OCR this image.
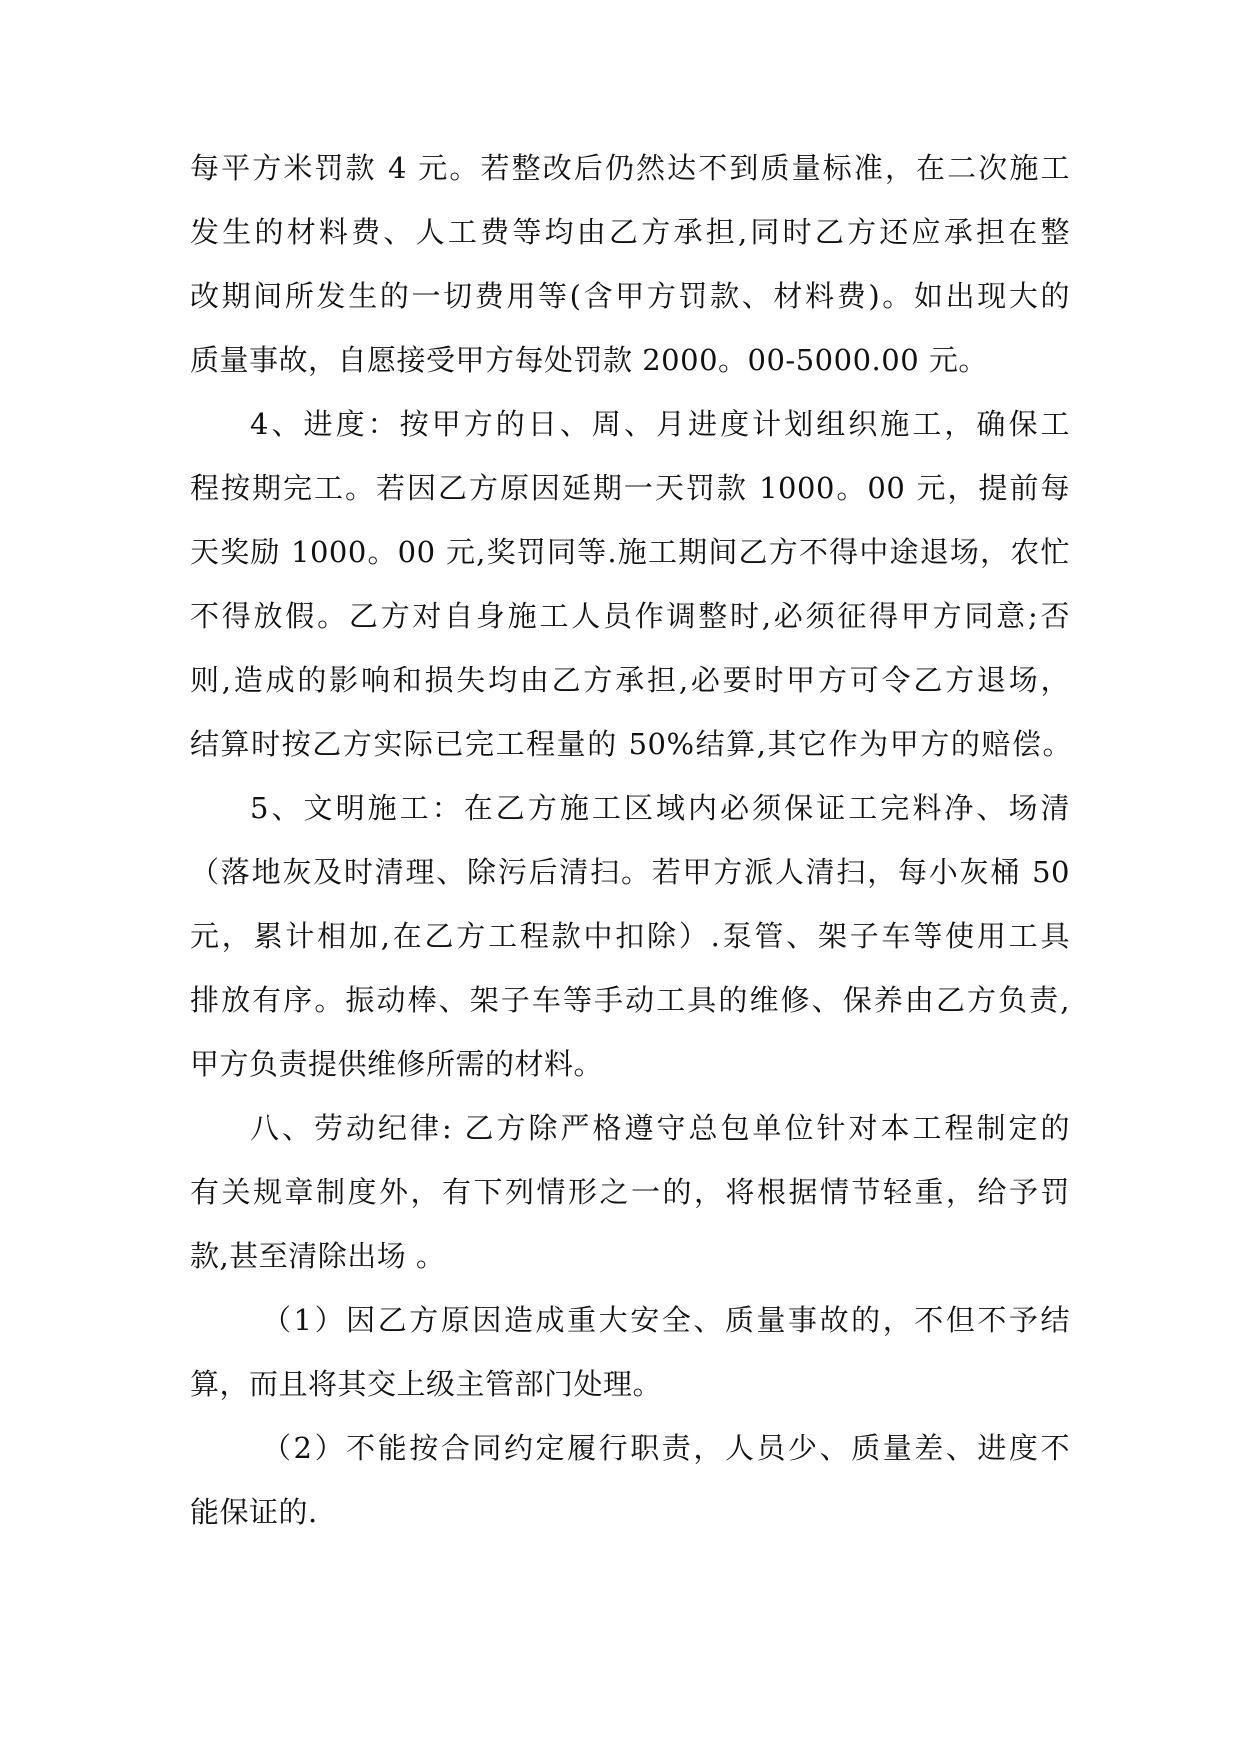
每平方米罚款 4 元。若整改后仍然达不到质量标准，在二次施工

发生的材料费、人工费等均由乙方承担,同时乙方还应承担在整

改期间所发生的一切费用等(含甲方罚款、材料费)。如出现大的

质量事故，自愿接受甲方每处罚款 2000。00-5000.00 元。

4、进度：按甲方的日、周、月进度计划组织施工，确保工

程按期完工。若因乙方原因延期一天罚款 1000。00 元，提前每

天奖励 1000。00 元,奖罚同等.施工期间乙方不得中途退场，农忙

不得放假。乙方对自身施工人员作调整时,必须征得甲方同意;否

则,造成的影响和损失均由乙方承担,必要时甲方可令乙方退场，

结算时按乙方实际已完工程量的 50%结算,其它作为甲方的赔偿。

5、文明施工：在乙方施工区域内必须保证工完料净、场清

（落地灰及时清理、除污后清扫。若甲方派人清扫，每小灰桶 50

元，累计相加,在乙方工程款中扣除）.泵管、架子车等使用工具

排放有序。振动棒、架子车等手动工具的维修、保养由乙方负责,

甲方负责提供维修所需的材料。

八、劳动纪律: 乙方除严格遵守总包单位针对本工程制定的

有关规章制度外，有下列情形之一的，将根据情节轻重，给予罚

款,甚至清除出场 。

（1）因乙方原因造成重大安全、质量事故的，不但不予结

算，而且将其交上级主管部门处理。

（2）不能按合同约定履行职责，人员少、质量差、进度不

能保证的.
